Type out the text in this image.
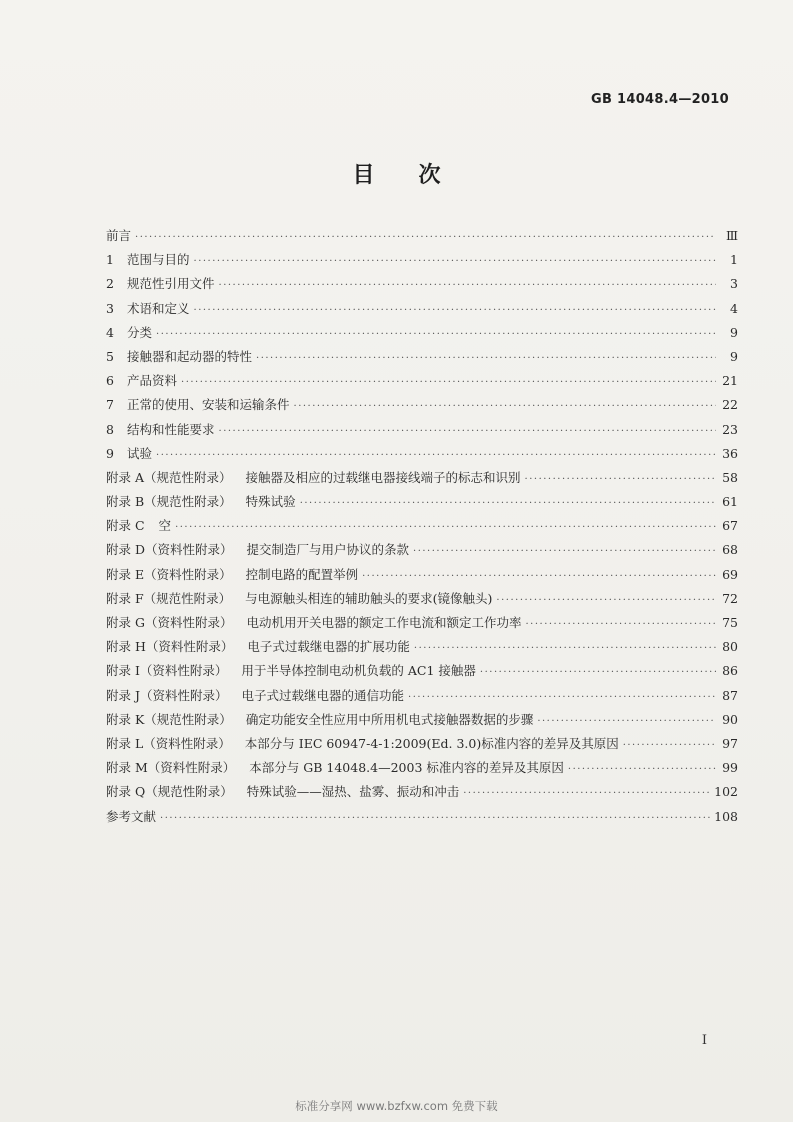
GB 14048.4—2010
目　　次
前言 ·····	Ⅲ
1 范围与目的 ·····	1
2 规范性引用文件 ·····	3
3 术语和定义 ·····	4
4 分类 ·····	9
5 接触器和起动器的特性 ·····	9
6 产品资料 ·····	21
7 正常的使用、安装和运输条件 ·····	22
8 结构和性能要求 ·····	23
9 试验 ·····	36
附录 A（规范性附录） 接触器及相应的过载继电器接线端子的标志和识别 ·····	58
附录 B（规范性附录） 特殊试验 ·····	61
附录 C 空 ·····	67
附录 D（资料性附录） 提交制造厂与用户协议的条款 ·····	68
附录 E（资料性附录） 控制电路的配置举例 ·····	69
附录 F（规范性附录） 与电源触头相连的辅助触头的要求(镜像触头) ·····	72
附录 G（资料性附录） 电动机用开关电器的额定工作电流和额定工作功率 ·····	75
附录 H（资料性附录） 电子式过载继电器的扩展功能 ·····	80
附录 I（资料性附录） 用于半导体控制电动机负载的 AC1 接触器 ·····	86
附录 J（资料性附录） 电子式过载继电器的通信功能 ·····	87
附录 K（规范性附录） 确定功能安全性应用中所用机电式接触器数据的步骤 ·····	90
附录 L（资料性附录） 本部分与 IEC 60947-4-1:2009(Ed. 3.0)标准内容的差异及其原因 ·····	97
附录 M（资料性附录） 本部分与 GB 14048.4—2003 标准内容的差异及其原因 ·····	99
附录 Q（规范性附录） 特殊试验——湿热、盐雾、振动和冲击 ·····	102
参考文献 ·····	108
I
标准分享网 www.bzfxw.com 免费下载
